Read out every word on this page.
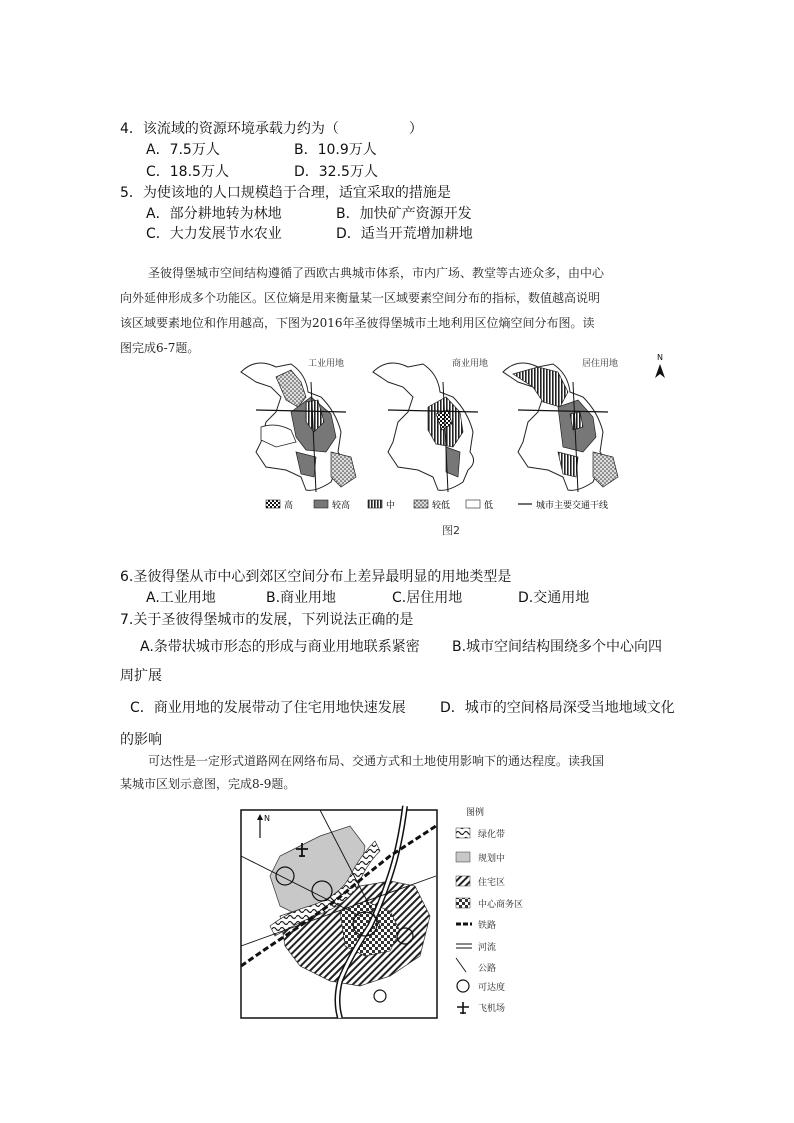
4．该流域的资源环境承载力约为（　　　　　）
A．7.5万人	B．10.9万人
C．18.5万人	D．32.5万人
5．为使该地的人口规模趋于合理，适宜采取的措施是
A．部分耕地转为林地	B．加快矿产资源开发
C．大力发展节水农业	D．适当开荒增加耕地
圣彼得堡城市空间结构遵循了西欧古典城市体系，市内广场、教堂等古迹众多，由中心
向外延伸形成多个功能区。区位熵是用来衡量某一区域要素空间分布的指标，数值越高说明
该区域要素地位和作用越高，下图为2016年圣彼得堡城市土地利用区位熵空间分布图。读
图完成6-7题。
工业用地	商业用地	居住用地
N
高	较高	中	较低	低	城市主要交通干线
图2
6.圣彼得堡从市中心到郊区空间分布上差异最明显的用地类型是
A.工业用地	B.商业用地	C.居住用地	D.交通用地
7.关于圣彼得堡城市的发展，下列说法正确的是
A.条带状城市形态的形成与商业用地联系紧密 B.城市空间结构围绕多个中心向四
周扩展
C．商业用地的发展带动了住宅用地快速发展 D．城市的空间格局深受当地地域文化
的影响
可达性是一定形式道路网在网络布局、交通方式和土地使用影响下的通达程度。读我国
某城市区划示意图，完成8-9题。
N
图例
绿化带
规划中
住宅区
中心商务区
铁路
河流
公路
可达度
飞机场
